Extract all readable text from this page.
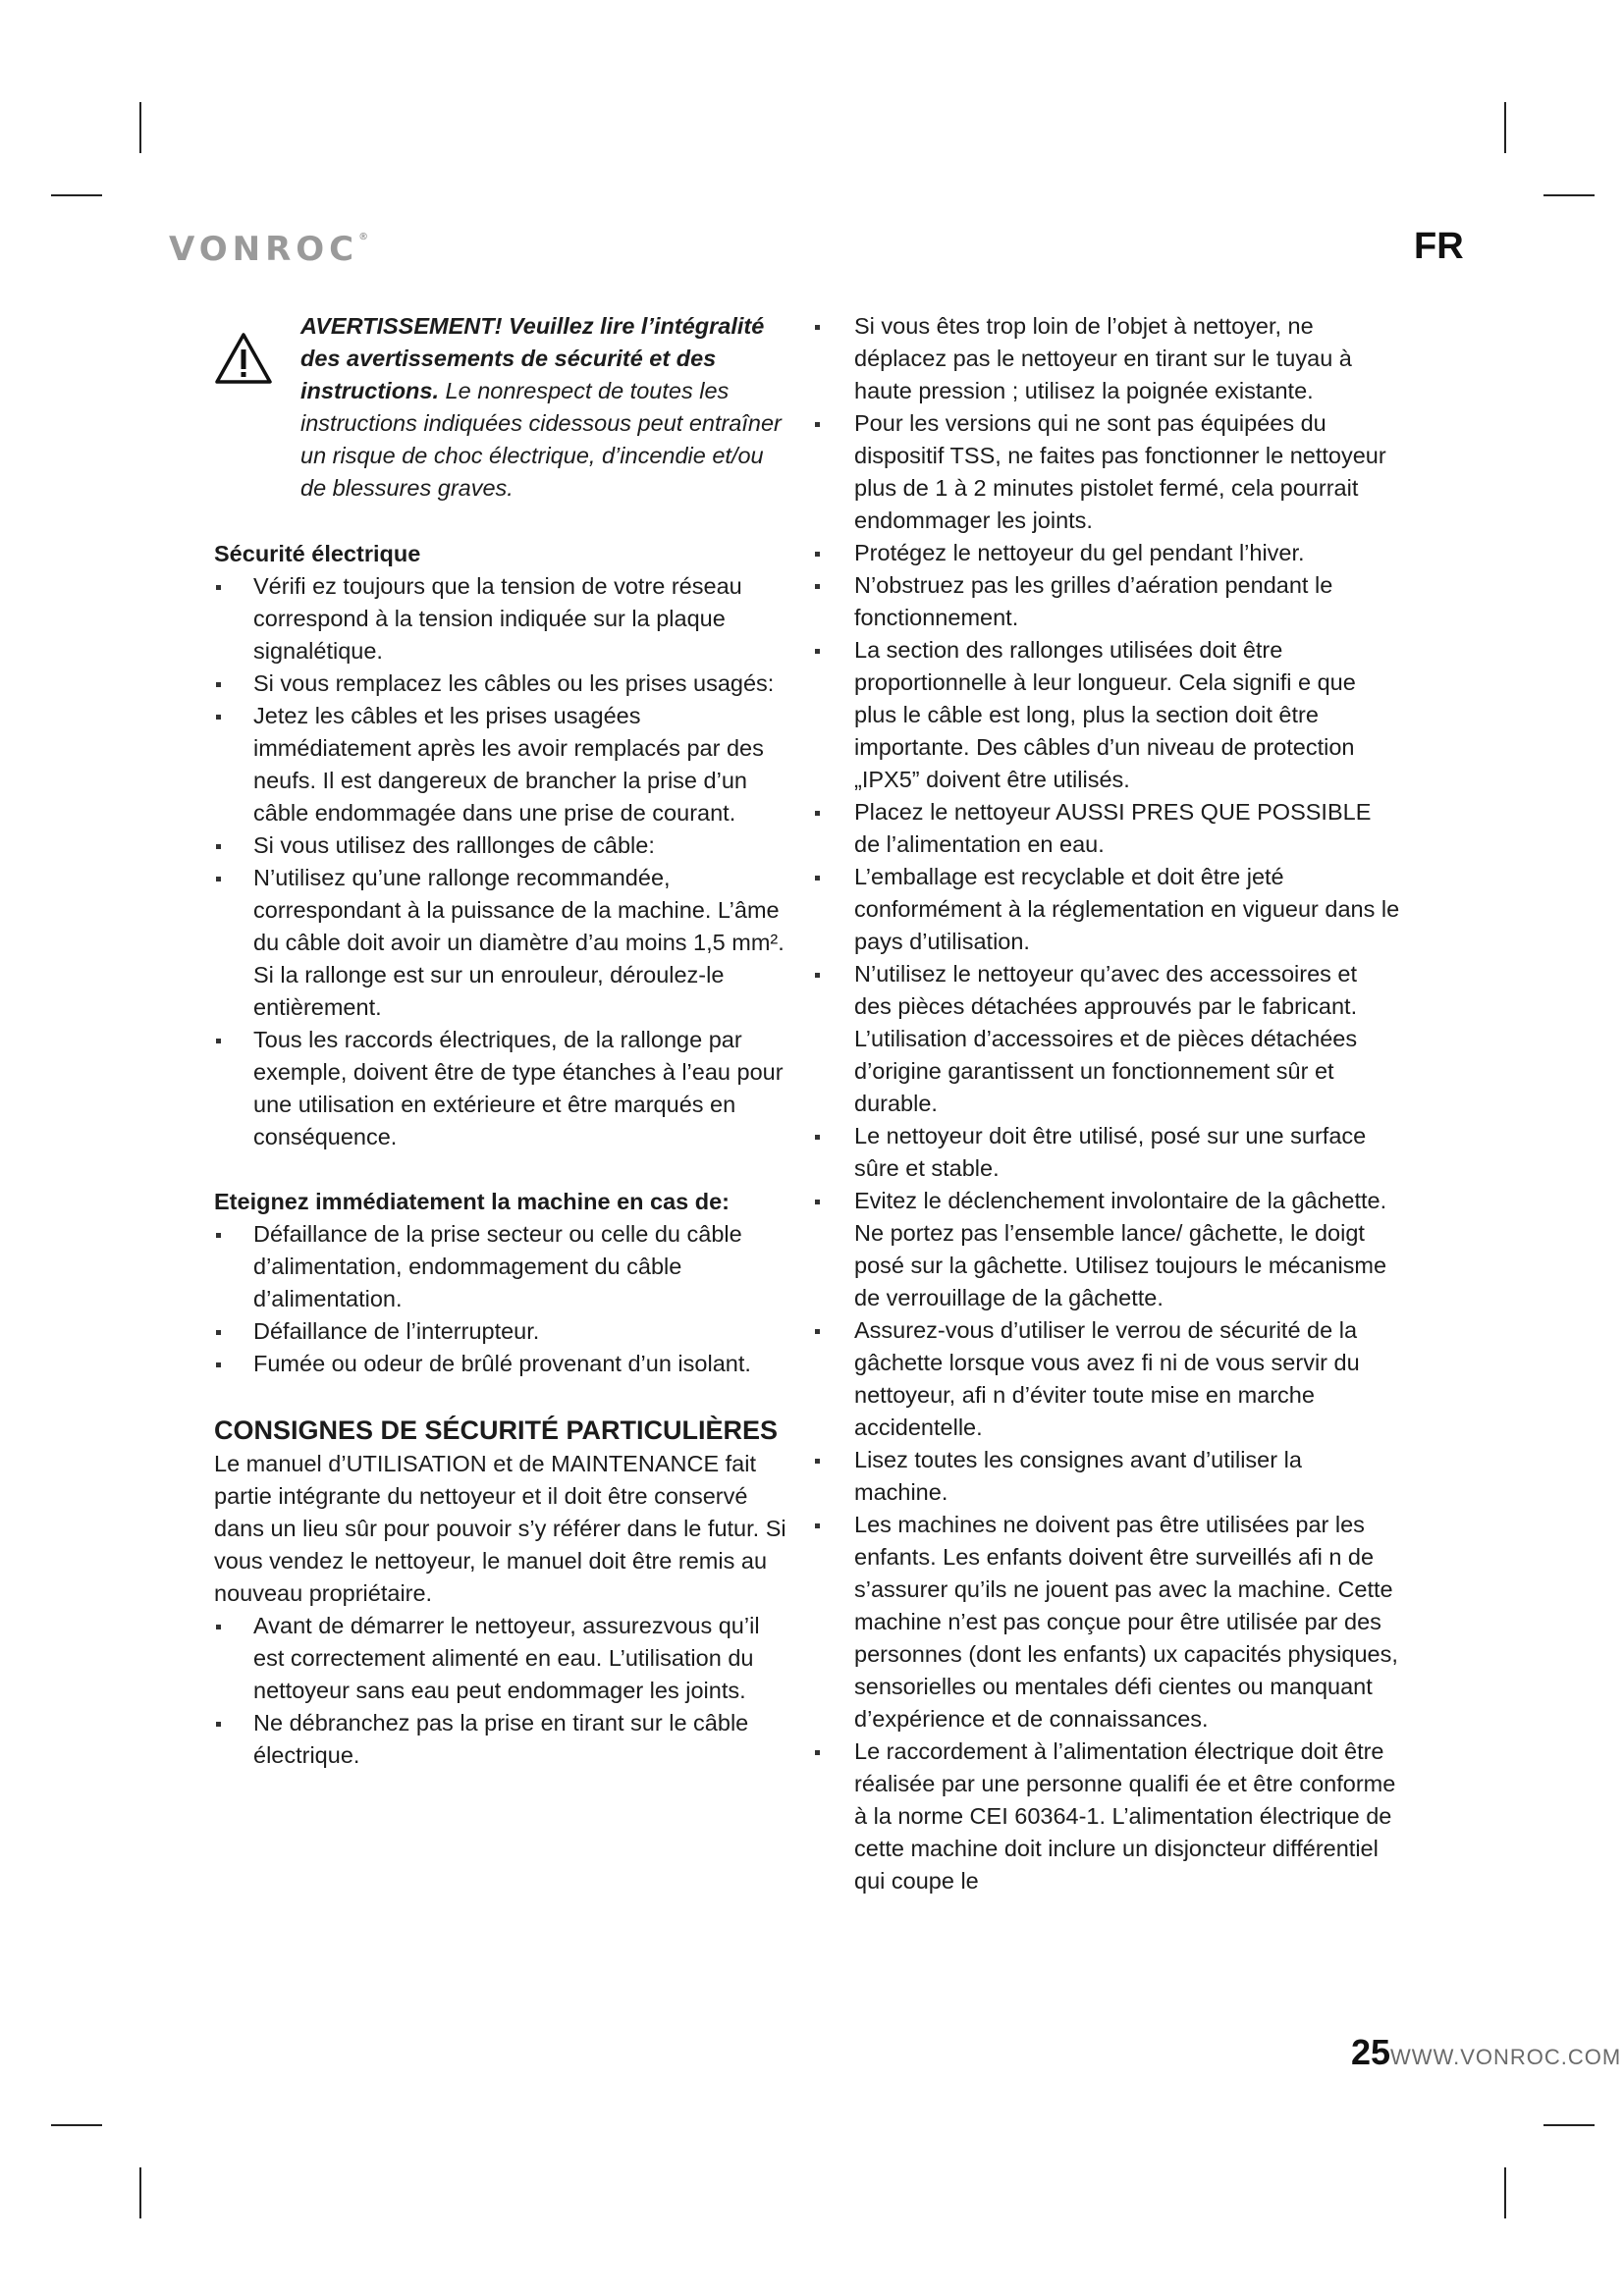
VONROC®	FR
AVERTISSEMENT! Veuillez lire l’intégralité des avertissements de sécurité et des instructions. Le nonrespect de toutes les instructions indiquées cidessous peut entraîner un risque de choc électrique, d’incendie et/ou de blessures graves.

Sécurité électrique

Vérifi ez toujours que la tension de votre réseau correspond à la tension indiquée sur la plaque signalétique.
Si vous remplacez les câbles ou les prises usagés:
Jetez les câbles et les prises usagées immédiatement après les avoir remplacés par des neufs. Il est dangereux de brancher la prise d’un câble endommagée dans une prise de courant.
Si vous utilisez des ralllonges de câble:
N’utilisez qu’une rallonge recommandée, correspondant à la puissance de la machine. L’âme du câble doit avoir un diamètre d’au moins 1,5 mm². Si la rallonge est sur un enrouleur, déroulez-le entièrement.
Tous les raccords électriques, de la rallonge par exemple, doivent être de type étanches à l’eau pour une utilisation en extérieure et être marqués en conséquence.

Eteignez immédiatement la machine en cas de:

Défaillance de la prise secteur ou celle du câble d’alimentation, endommagement du câble d’alimentation.
Défaillance de l’interrupteur.
Fumée ou odeur de brûlé provenant d’un isolant.

CONSIGNES DE SÉCURITÉ PARTICULIÈRES

Le manuel d’UTILISATION et de MAINTENANCE fait partie intégrante du nettoyeur et il doit être conservé dans un lieu sûr pour pouvoir s’y référer dans le futur. Si vous vendez le nettoyeur, le manuel doit être remis au nouveau propriétaire.

Avant de démarrer le nettoyeur, assurezvous qu’il est correctement alimenté en eau. L’utilisation du nettoyeur sans eau peut endommager les joints.
Ne débranchez pas la prise en tirant sur le câble électrique.
Si vous êtes trop loin de l’objet à nettoyer, ne déplacez pas le nettoyeur en tirant sur le tuyau à haute pression ; utilisez la poignée existante.
Pour les versions qui ne sont pas équipées du dispositif TSS, ne faites pas fonctionner le nettoyeur plus de 1 à 2 minutes pistolet fermé, cela pourrait endommager les joints.
Protégez le nettoyeur du gel pendant l’hiver.
N’obstruez pas les grilles d’aération pendant le fonctionnement.
La section des rallonges utilisées doit être proportionnelle à leur longueur. Cela signifi e que plus le câble est long, plus la section doit être importante. Des câbles d’un niveau de protection „IPX5” doivent être utilisés.
Placez le nettoyeur AUSSI PRES QUE POSSIBLE de l’alimentation en eau.
L’emballage est recyclable et doit être jeté conformément à la réglementation en vigueur dans le pays d’utilisation.
N’utilisez le nettoyeur qu’avec des accessoires et des pièces détachées approuvés par le fabricant. L’utilisation d’accessoires et de pièces détachées d’origine garantissent un fonctionnement sûr et durable.
Le nettoyeur doit être utilisé, posé sur une surface sûre et stable.
Evitez le déclenchement involontaire de la gâchette. Ne portez pas l’ensemble lance/ gâchette, le doigt posé sur la gâchette. Utilisez toujours le mécanisme de verrouillage de la gâchette.
Assurez-vous d’utiliser le verrou de sécurité de la gâchette lorsque vous avez fi ni de vous servir du nettoyeur, afi n d’éviter toute mise en marche accidentelle.
Lisez toutes les consignes avant d’utiliser la machine.
Les machines ne doivent pas être utilisées par les enfants. Les enfants doivent être surveillés afi n de s’assurer qu’ils ne jouent pas avec la machine. Cette machine n’est pas conçue pour être utilisée par des personnes (dont les enfants) ux capacités physiques, sensorielles ou mentales défi cientes ou manquant d’expérience et de connaissances.
Le raccordement à l’alimentation électrique doit être réalisée par une personne qualifi ée et être conforme à la norme CEI 60364-1. L’alimentation électrique de cette machine doit inclure un disjoncteur différentiel qui coupe le
25WWW.VONROC.COM
